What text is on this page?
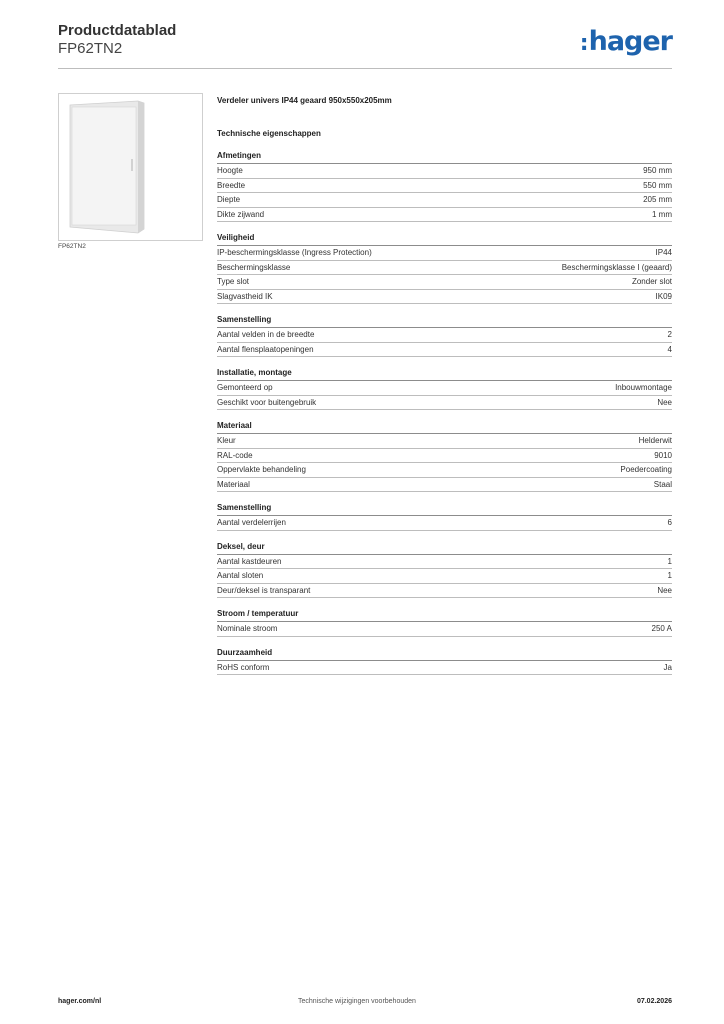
Productdatablad
FP62TN2	:hager
FP62TN2
Verdeler univers IP44 geaard 950x550x205mm
Technische eigenschappen
Afmetingen
Hoogte	950 mm
Breedte	550 mm
Diepte	205 mm
Dikte zijwand	1 mm
Veiligheid
IP-beschermingsklasse (Ingress Protection)	IP44
Beschermingsklasse	Beschermingsklasse I (geaard)
Type slot	Zonder slot
Slagvastheid IK	IK09
Samenstelling
Aantal velden in de breedte	2
Aantal flensplaatopeningen	4
Installatie, montage
Gemonteerd op	Inbouwmontage
Geschikt voor buitengebruik	Nee
Materiaal
Kleur	Helderwit
RAL-code	9010
Oppervlakte behandeling	Poedercoating
Materiaal	Staal
Samenstelling
Aantal verdelerrijen	6
Deksel, deur
Aantal kastdeuren	1
Aantal sloten	1
Deur/deksel is transparant	Nee
Stroom / temperatuur
Nominale stroom	250 A
Duurzaamheid
RoHS conform	Ja
hager.com/nl	Technische wijzigingen voorbehouden	07.02.2026
